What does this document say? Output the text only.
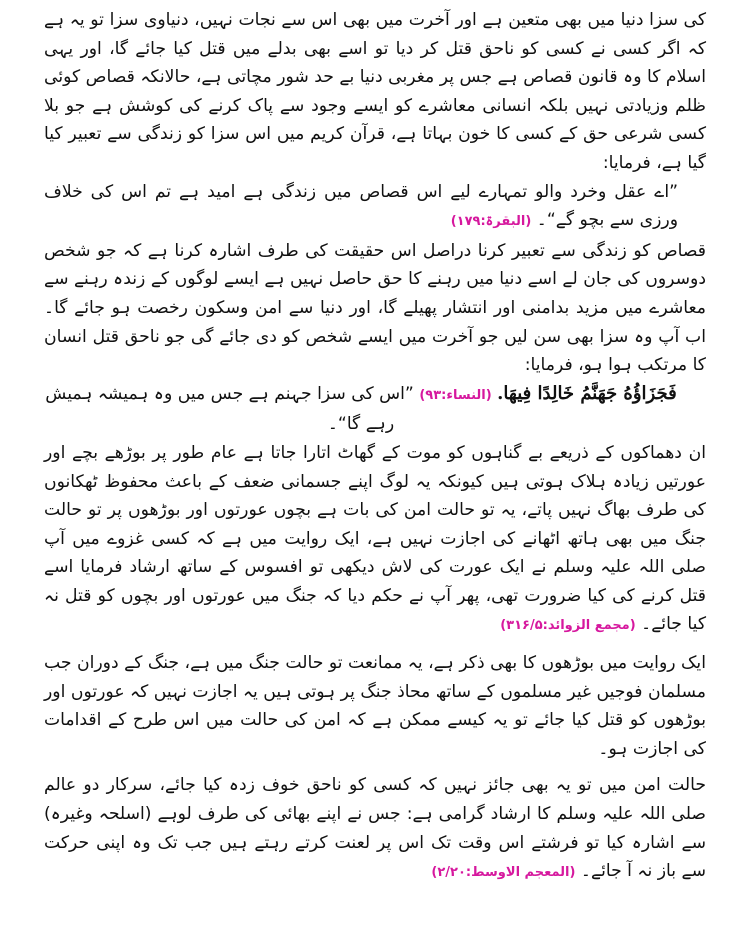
کی سزا دنیا میں بھی متعین ہے اور آخرت میں بھی اس سے نجات نہیں، دنیاوی سزا تو یہ ہے کہ اگر کسی نے کسی کو ناحق قتل کر دیا تو اسے بھی بدلے میں قتل کیا جائے گا، اور یہی اسلام کا وہ قانون قصاص ہے جس پر مغربی دنیا بے حد شور مچاتی ہے، حالانکہ قصاص کوئی ظلم وزیادتی نہیں بلکہ انسانی معاشرے کو ایسے وجود سے پاک کرنے کی کوشش ہے جو بلا کسی شرعی حق کے کسی کا خون بہاتا ہے، قرآن کریم میں اس سزا کو زندگی سے تعبیر کیا گیا ہے، فرمایا:

”اے عقل وخرد والو تمہارے لیے اس قصاص میں زندگی ہے امید ہے تم اس کی خلاف ورزی سے بچو گے“۔ (البقرۃ:۱۷۹)

قصاص کو زندگی سے تعبیر کرنا دراصل اس حقیقت کی طرف اشارہ کرنا ہے کہ جو شخص دوسروں کی جان لے اسے دنیا میں رہنے کا حق حاصل نہیں ہے ایسے لوگوں کے زندہ رہنے سے معاشرے میں مزید بدامنی اور انتشار پھیلے گا، اور دنیا سے امن وسکون رخصت ہو جائے گا۔ اب آپ وہ سزا بھی سن لیں جو آخرت میں ایسے شخص کو دی جائے گی جو ناحق قتل انسان کا مرتکب ہوا ہو، فرمایا:

فَجَزَاؤُهُ جَهَنَّمُ خَالِدًا فِيهَا. (النساء:۹۳) ”اس کی سزا جہنم ہے جس میں وہ ہمیشہ ہمیش رہے گا“۔

ان دھماکوں کے ذریعے بے گناہوں کو موت کے گھاٹ اتارا جاتا ہے عام طور پر بوڑھے بچے اور عورتیں زیادہ ہلاک ہوتی ہیں کیونکہ یہ لوگ اپنے جسمانی ضعف کے باعث محفوظ ٹھکانوں کی طرف بھاگ نہیں پاتے، یہ تو حالت امن کی بات ہے بچوں عورتوں اور بوڑھوں پر تو حالت جنگ میں بھی ہاتھ اٹھانے کی اجازت نہیں ہے، ایک روایت میں ہے کہ کسی غزوے میں آپ صلی اللہ علیہ وسلم نے ایک عورت کی لاش دیکھی تو افسوس کے ساتھ ارشاد فرمایا اسے قتل کرنے کی کیا ضرورت تھی، پھر آپ نے حکم دیا کہ جنگ میں عورتوں اور بچوں کو قتل نہ کیا جائے۔ (مجمع الزوائد:۳۱۶/۵)

ایک روایت میں بوڑھوں کا بھی ذکر ہے، یہ ممانعت تو حالت جنگ میں ہے، جنگ کے دوران جب مسلمان فوجیں غیر مسلموں کے ساتھ محاذ جنگ پر ہوتی ہیں یہ اجازت نہیں کہ عورتوں اور بوڑھوں کو قتل کیا جائے تو یہ کیسے ممکن ہے کہ امن کی حالت میں اس طرح کے اقدامات کی اجازت ہو۔

حالت امن میں تو یہ بھی جائز نہیں کہ کسی کو ناحق خوف زدہ کیا جائے، سرکار دو عالم صلی اللہ علیہ وسلم کا ارشاد گرامی ہے: جس نے اپنے بھائی کی طرف لوہے (اسلحہ وغیرہ) سے اشارہ کیا تو فرشتے اس وقت تک اس پر لعنت کرتے رہتے ہیں جب تک وہ اپنی حرکت سے باز نہ آ جائے۔ (المعجم الاوسط:۲/۲۰)
